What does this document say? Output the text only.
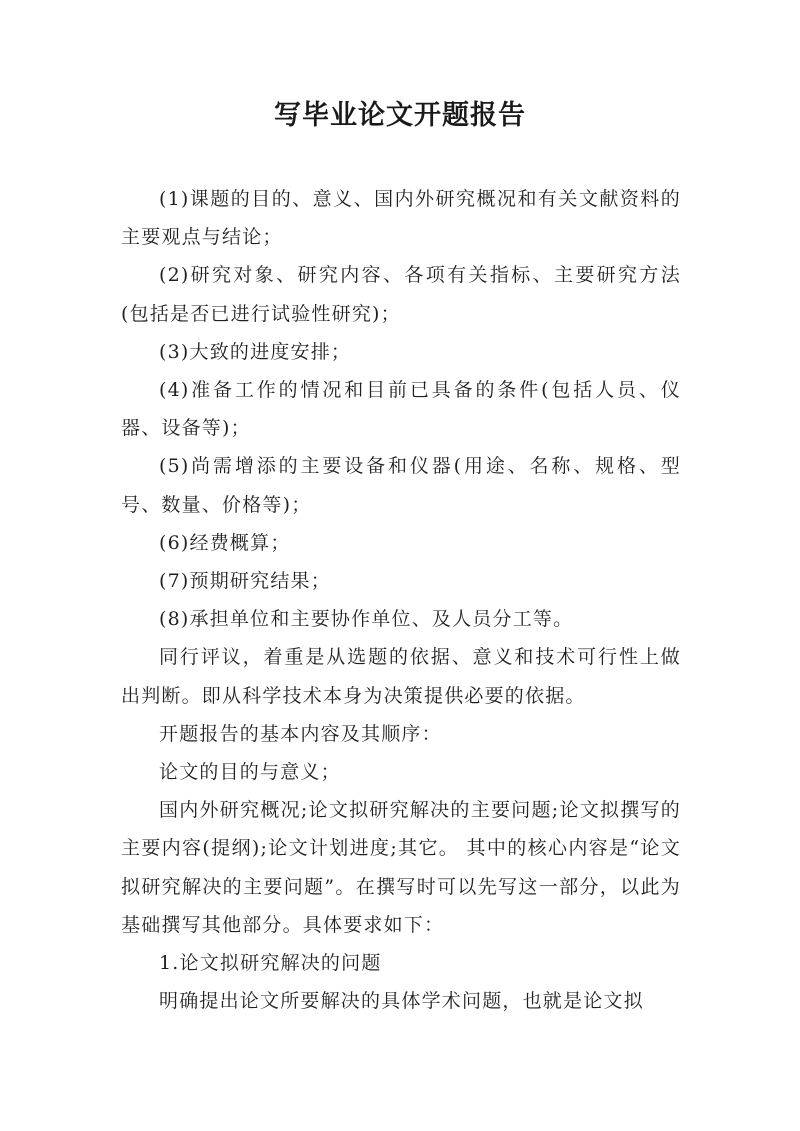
写毕业论文开题报告

(1)课题的目的、意义、国内外研究概况和有关文献资料的主要观点与结论；

(2)研究对象、研究内容、各项有关指标、主要研究方法(包括是否已进行试验性研究)；

(3)大致的进度安排；

(4)准备工作的情况和目前已具备的条件(包括人员、仪器、设备等)；

(5)尚需增添的主要设备和仪器(用途、名称、规格、型号、数量、价格等)；

(6)经费概算；

(7)预期研究结果；

(8)承担单位和主要协作单位、及人员分工等。

同行评议，着重是从选题的依据、意义和技术可行性上做出判断。即从科学技术本身为决策提供必要的依据。

开题报告的基本内容及其顺序：

论文的目的与意义；

国内外研究概况;论文拟研究解决的主要问题;论文拟撰写的主要内容(提纲);论文计划进度;其它。 其中的核心内容是“论文拟研究解决的主要问题”。在撰写时可以先写这一部分，以此为基础撰写其他部分。具体要求如下：

1.论文拟研究解决的问题

明确提出论文所要解决的具体学术问题，也就是论文拟
